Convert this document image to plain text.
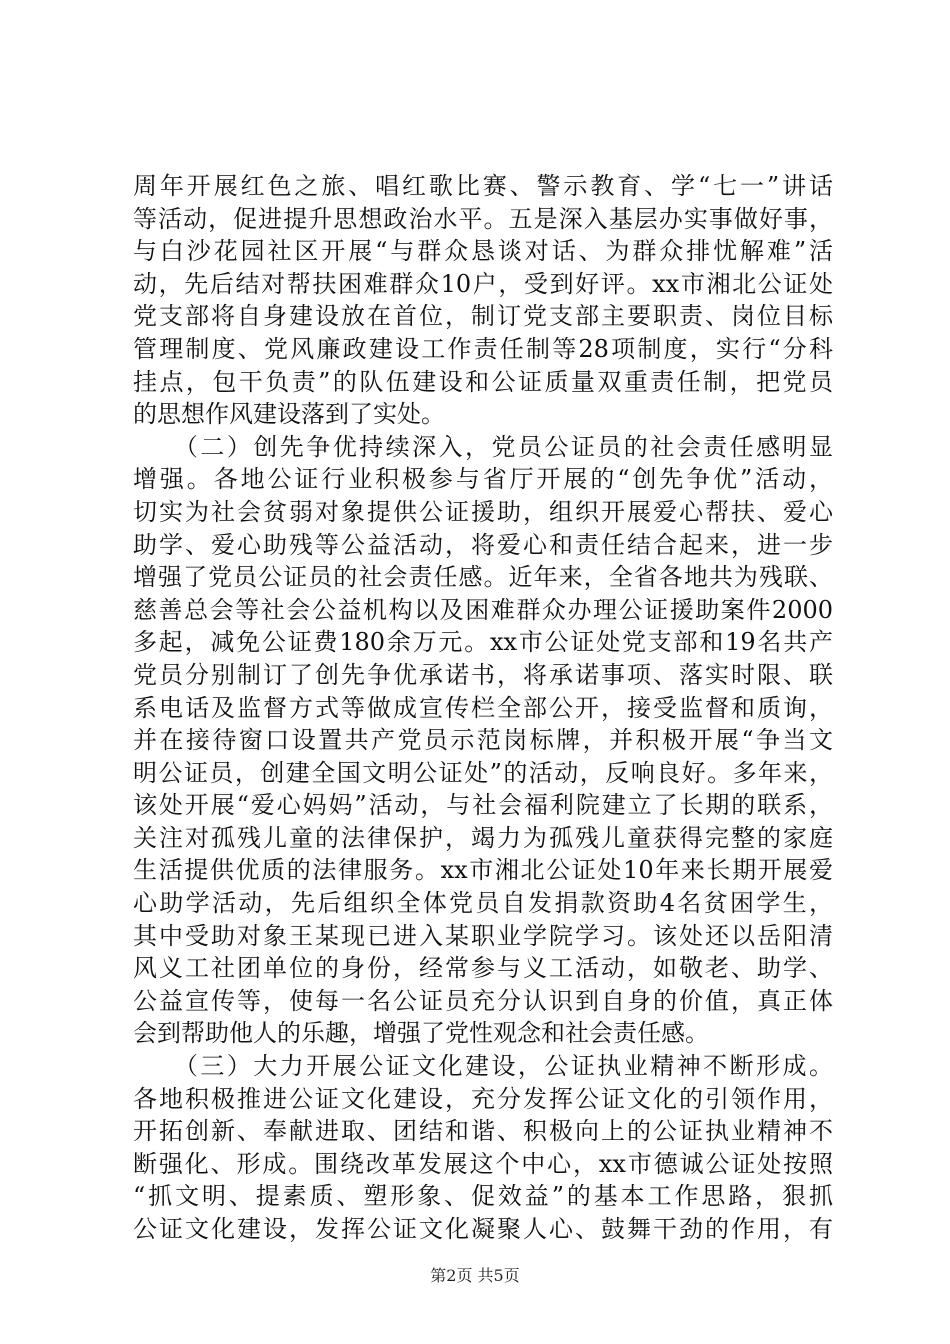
周年开展红色之旅、唱红歌比赛、警示教育、学“七一”讲话
等活动，促进提升思想政治水平。五是深入基层办实事做好事，
与白沙花园社区开展“与群众恳谈对话、为群众排忧解难”活
动，先后结对帮扶困难群众10户，受到好评。xx市湘北公证处
党支部将自身建设放在首位，制订党支部主要职责、岗位目标
管理制度、党风廉政建设工作责任制等28项制度，实行“分科
挂点，包干负责”的队伍建设和公证质量双重责任制，把党员
的思想作风建设落到了实处。
　　（二）创先争优持续深入，党员公证员的社会责任感明显
增强。各地公证行业积极参与省厅开展的“创先争优”活动，
切实为社会贫弱对象提供公证援助，组织开展爱心帮扶、爱心
助学、爱心助残等公益活动，将爱心和责任结合起来，进一步
增强了党员公证员的社会责任感。近年来，全省各地共为残联、
慈善总会等社会公益机构以及困难群众办理公证援助案件2000
多起，减免公证费180余万元。xx市公证处党支部和19名共产
党员分别制订了创先争优承诺书，将承诺事项、落实时限、联
系电话及监督方式等做成宣传栏全部公开，接受监督和质询，
并在接待窗口设置共产党员示范岗标牌，并积极开展“争当文
明公证员，创建全国文明公证处”的活动，反响良好。多年来，
该处开展“爱心妈妈”活动，与社会福利院建立了长期的联系，
关注对孤残儿童的法律保护，竭力为孤残儿童获得完整的家庭
生活提供优质的法律服务。xx市湘北公证处10年来长期开展爱
心助学活动，先后组织全体党员自发捐款资助4名贫困学生，
其中受助对象王某现已进入某职业学院学习。该处还以岳阳清
风义工社团单位的身份，经常参与义工活动，如敬老、助学、
公益宣传等，使每一名公证员充分认识到自身的价值，真正体
会到帮助他人的乐趣，增强了党性观念和社会责任感。
　　（三）大力开展公证文化建设，公证执业精神不断形成。
各地积极推进公证文化建设，充分发挥公证文化的引领作用，
开拓创新、奉献进取、团结和谐、积极向上的公证执业精神不
断强化、形成。围绕改革发展这个中心，xx市德诚公证处按照
“抓文明、提素质、塑形象、促效益”的基本工作思路，狠抓
公证文化建设，发挥公证文化凝聚人心、鼓舞干劲的作用，有
第2页 共5页
